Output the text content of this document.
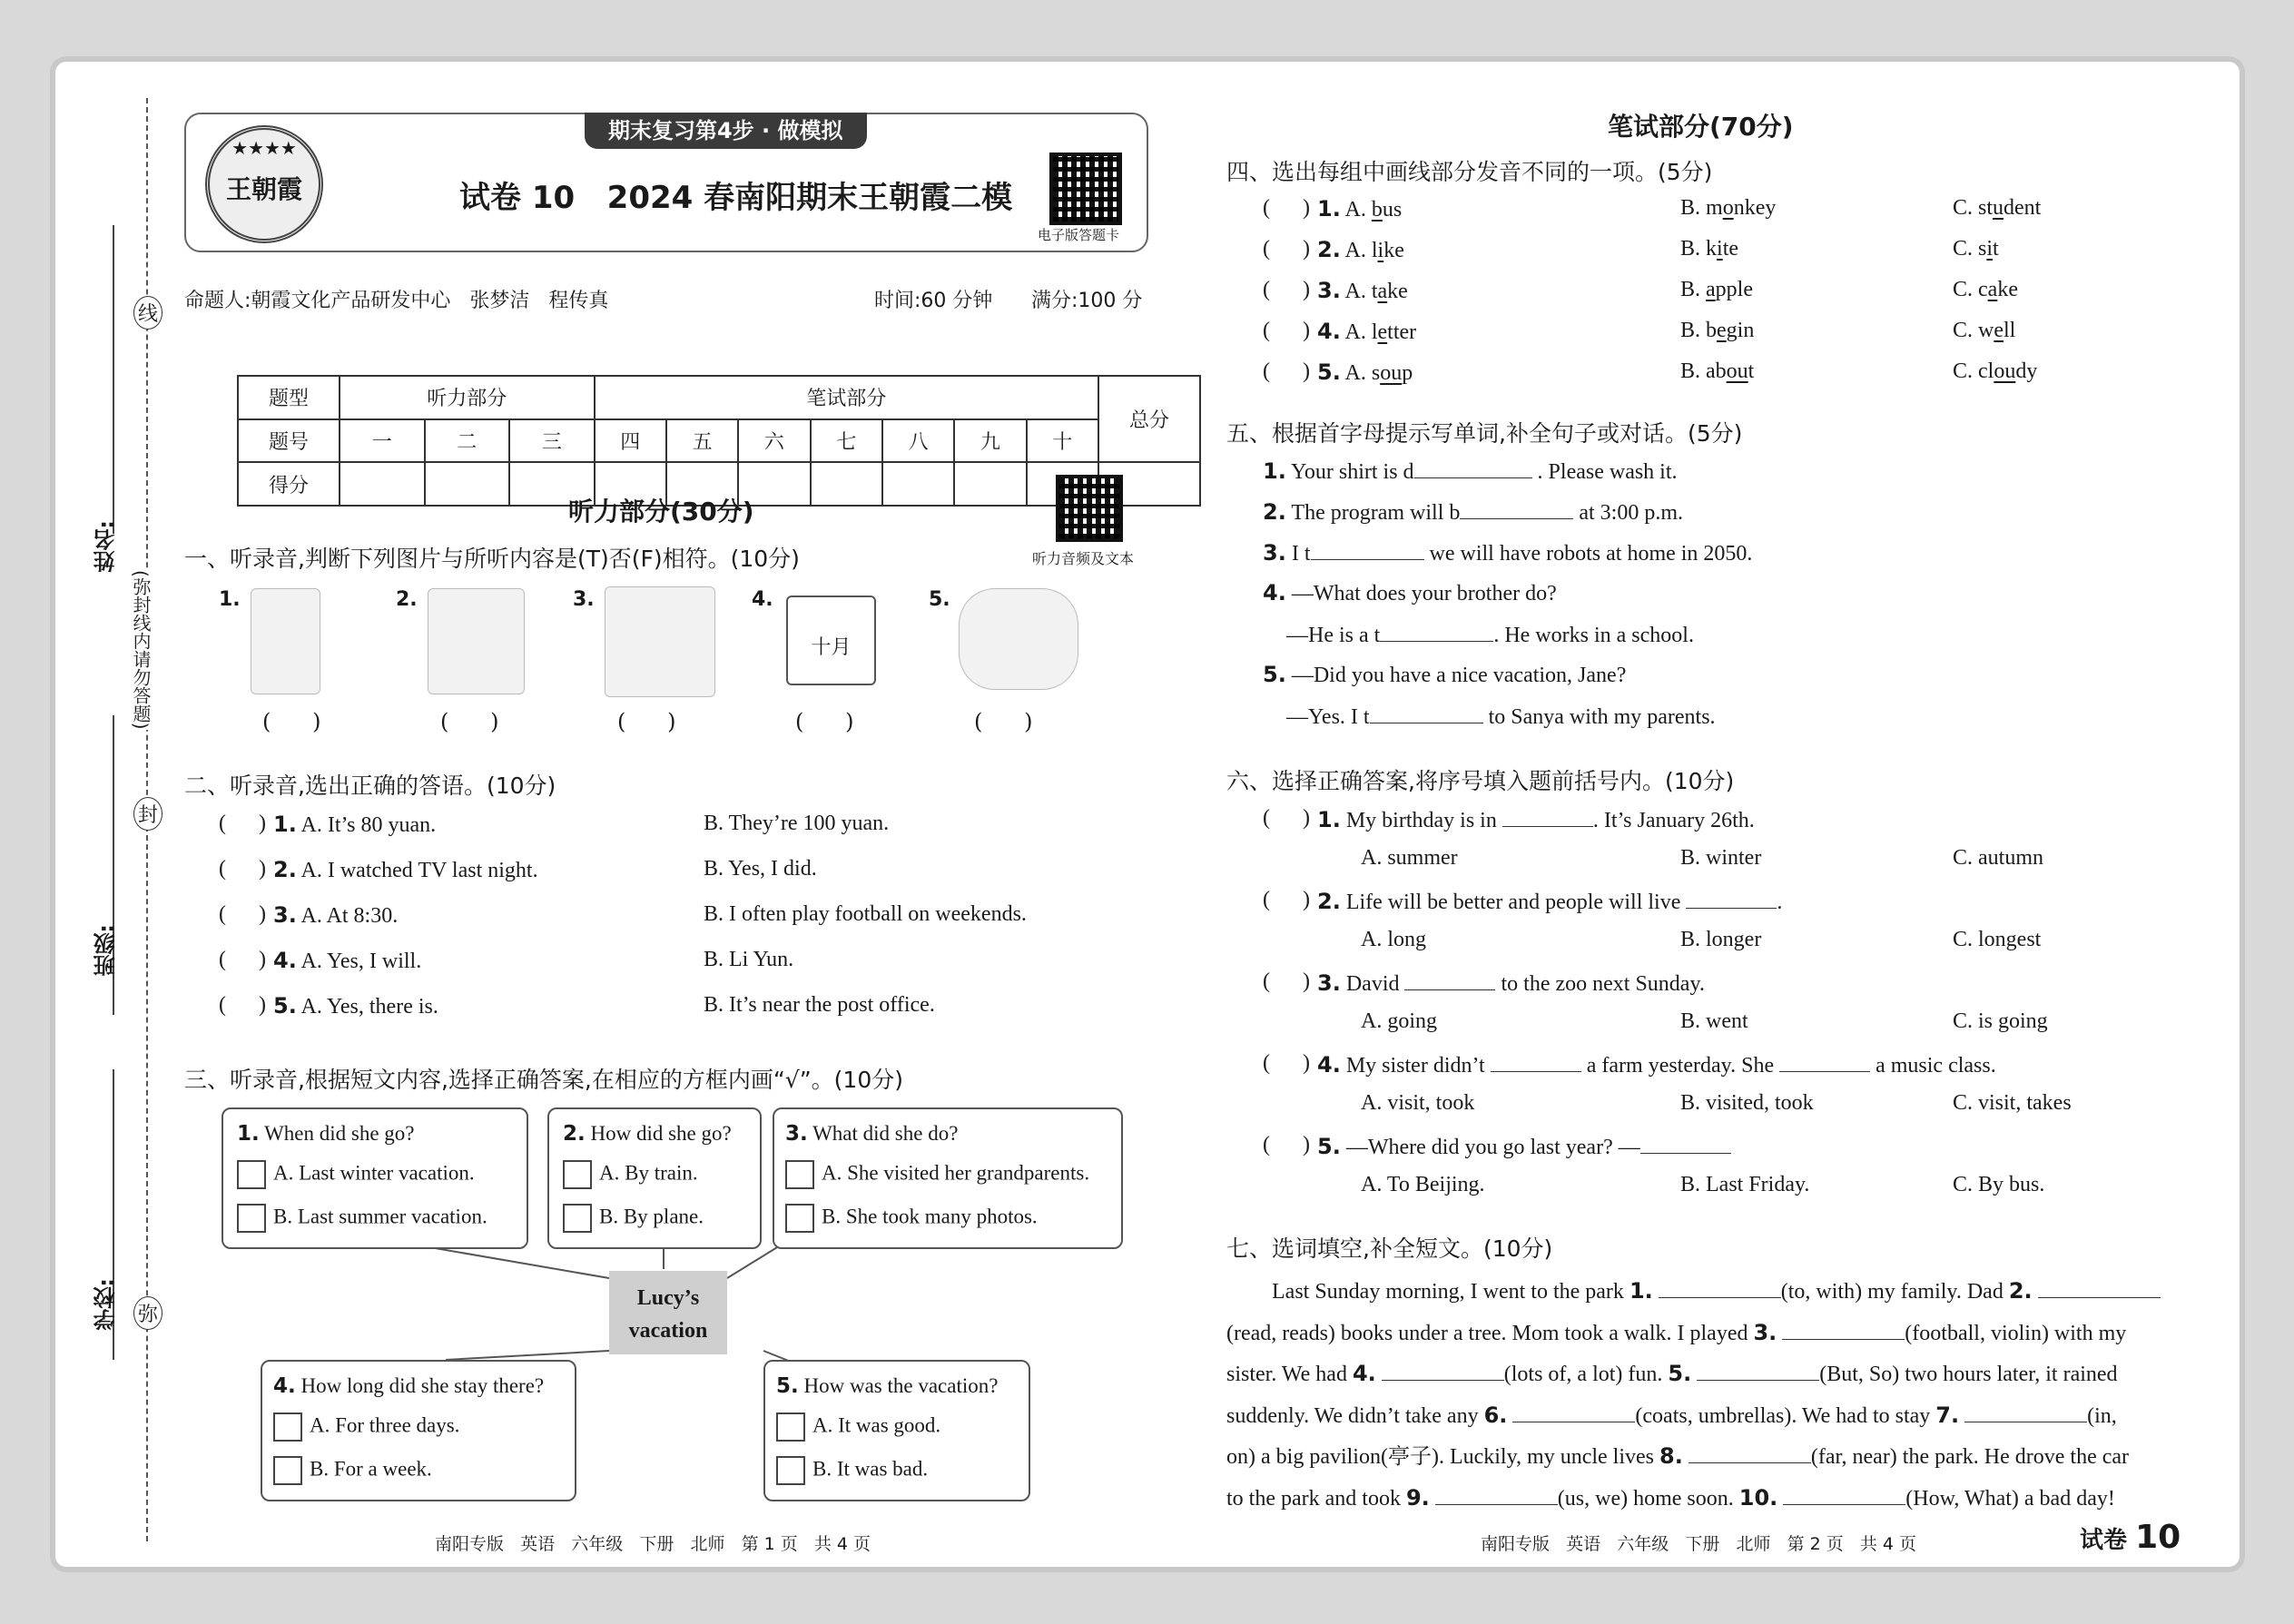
姓名:
班级:
学校:
线
封
弥
(弥封线内请勿答题)
期末复习第4步 · 做模拟
★★★★
王朝霞	试卷 10   2024 春南阳期末王朝霞二模
电子版答题卡
命题人:朝霞文化产品研发中心   张梦洁   程传真	时间:60 分钟 满分:100 分
题型	听力部分			笔试部分							总分
题号	一	二	三	四	五	六	七	八	九	十	
得分											
听力部分(30分)
听力音频及文本
一、听录音,判断下列图片与所听内容是(T)否(F)相符。(10分)
1.
(      )
2.
(      )
3.
(      )
4.
十月
(      )
5.
(      )
二、听录音,选出正确的答语。(10分)
(      ) 1. A. It’s 80 yuan.	B. They’re 100 yuan.
(      ) 2. A. I watched TV last night.	B. Yes, I did.
(      ) 3. A. At 8:30.	B. I often play football on weekends.
(      ) 4. A. Yes, I will.	B. Li Yun.
(      ) 5. A. Yes, there is.	B. It’s near the post office.
三、听录音,根据短文内容,选择正确答案,在相应的方框内画“√”。(10分)
Lucy’s vacation
1. When did she go?
A. Last winter vacation.
B. Last summer vacation.
2. How did she go?
A. By train.
B. By plane.
3. What did she do?
A. She visited her grandparents.
B. She took many photos.
4. How long did she stay there?
A. For three days.
B. For a week.
5. How was the vacation?
A. It was good.
B. It was bad.
南阳专版   英语   六年级   下册   北师   第 1 页   共 4 页
笔试部分(70分)
四、选出每组中画线部分发音不同的一项。(5分)
(      ) 1. A. bus	B. monkey	C. student
(      ) 2. A. like	B. kite	C. sit
(      ) 3. A. take	B. apple	C. cake
(      ) 4. A. letter	B. begin	C. well
(      ) 5. A. soup	B. about	C. cloudy
五、根据首字母提示写单词,补全句子或对话。(5分)
1. Your shirt is d	. Please wash it.
2. The program will b	at 3:00 p.m.
3. I t	we will have robots at home in 2050.
4. —What does your brother do?
—He is a t	. He works in a school.
5. —Did you have a nice vacation, Jane?
—Yes. I t	to Sanya with my parents.
六、选择正确答案,将序号填入题前括号内。(10分)
(      ) 1. My birthday is in	. It’s January 26th.
A. summer	B. winter	C. autumn
(      ) 2. Life will be better and people will live	.
A. long	B. longer	C. longest
(      ) 3. David	to the zoo next Sunday.
A. going	B. went	C. is going
(      ) 4. My sister didn’t	a farm yesterday. She	a music class.
A. visit, took	B. visited, took	C. visit, takes
(      ) 5. —Where did you go last year? —
A. To Beijing.	B. Last Friday.	C. By bus.
七、选词填空,补全短文。(10分)
Last Sunday morning, I went to the park 1.	(to, with) my family. Dad 2.
(read, reads) books under a tree. Mom took a walk. I played 3.	(football, violin) with my
sister. We had 4.	(lots of, a lot) fun. 5.	(But, So) two hours later, it rained
suddenly. We didn’t take any 6.	(coats, umbrellas). We had to stay 7.	(in,
on) a big pavilion(亭子). Luckily, my uncle lives 8.	(far, near) the park. He drove the car
to the park and took 9.	(us, we) home soon. 10.	(How, What) a bad day!
南阳专版   英语   六年级   下册   北师   第 2 页   共 4 页	试卷 10
